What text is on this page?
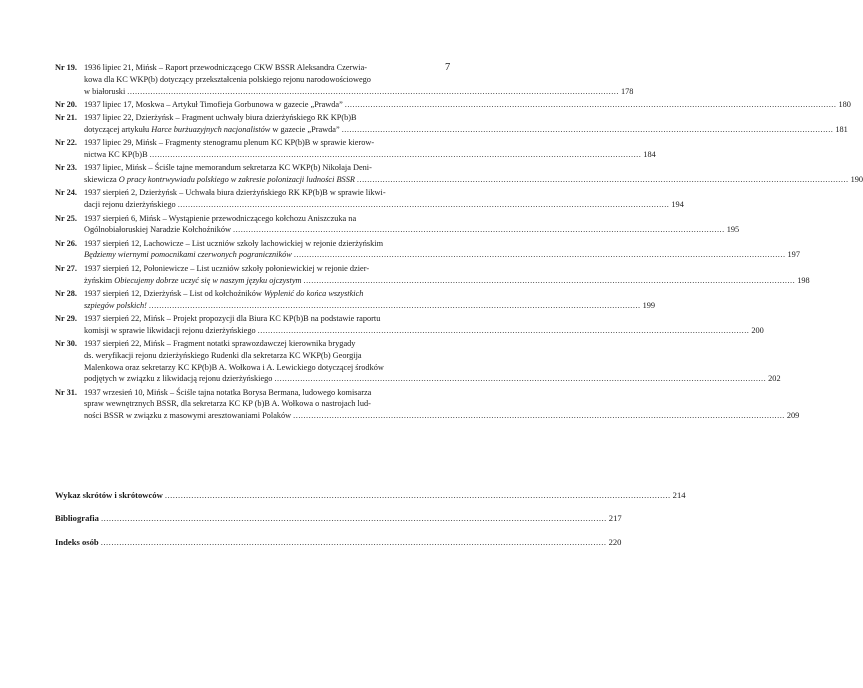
7
Nr 19. 1936 lipiec 21, Mińsk – Raport przewodniczącego CKW BSSR Aleksandra Czerwia-
kowa dla KC WKP(b) dotyczący przekształcenia polskiego rejonu narodowościowego
w białoruski .....	178
Nr 20. 1937 lipiec 17, Moskwa – Artykuł Timofieja Gorbunowa w gazecie „Prawda” .....	180
Nr 21. 1937 lipiec 22, Dzierżyńsk – Fragment uchwały biura dzierżyńskiego RK KP(b)B
dotyczącej artykułu Harce burżuazyjnych nacjonalistów w gazecie „Prawda” .....	181
Nr 22. 1937 lipiec 29, Mińsk – Fragmenty stenogramu plenum KC KP(b)B w sprawie kierow-
nictwa KC KP(b)B .....	184
Nr 23. 1937 lipiec, Mińsk – Ściśle tajne memorandum sekretarza KC WKP(b) Nikołaja Deni-
skiewicza O pracy kontrwywiadu polskiego w zakresie polonizacji ludności BSSR .....	190
Nr 24. 1937 sierpień 2, Dzierżyńsk – Uchwała biura dzierżyńskiego RK KP(b)B w sprawie likwi-
dacji rejonu dzierżyńskiego .....	194
Nr 25. 1937 sierpień 6, Mińsk – Wystąpienie przewodniczącego kołchozu Aniszczuka na
Ogólnobiałoruskiej Naradzie Kołchoźników .....	195
Nr 26. 1937 sierpień 12, Lachowicze – List uczniów szkoły lachowickiej w rejonie dzierżyńskim
Będziemy wiernymi pomocnikami czerwonych pograniczników .....	197
Nr 27. 1937 sierpień 12, Połoniewicze – List uczniów szkoły połoniewickiej w rejonie dzier-
żyńskim Obiecujemy dobrze uczyć się w naszym języku ojczystym .....	198
Nr 28. 1937 sierpień 12, Dzierżyńsk – List od kołchoźników Wyplenić do końca wszystkich
szpiegów polskich! .....	199
Nr 29. 1937 sierpień 22, Mińsk – Projekt propozycji dla Biura KC KP(b)B na podstawie raportu
komisji w sprawie likwidacji rejonu dzierżyńskiego .....	200
Nr 30. 1937 sierpień 22, Mińsk – Fragment notatki sprawozdawczej kierownika brygady
ds. weryfikacji rejonu dzierżyńskiego Rudenki dla sekretarza KC WKP(b) Georgija
Malenkowa oraz sekretarzy KC KP(b)B A. Wołkowa i A. Lewickiego dotyczącej środków
podjętych w związku z likwidacją rejonu dzierżyńskiego .....	202
Nr 31. 1937 wrzesień 10, Mińsk – Ściśle tajna notatka Borysa Bermana, ludowego komisarza
spraw wewnętrznych BSSR, dla sekretarza KC KP (b)B A. Wołkowa o nastrojach lud-
ności BSSR w związku z masowymi aresztowaniami Polaków .....	209
Wykaz skrótów i skrótowców .....	214
Bibliografia .....	217
Indeks osób .....	220
